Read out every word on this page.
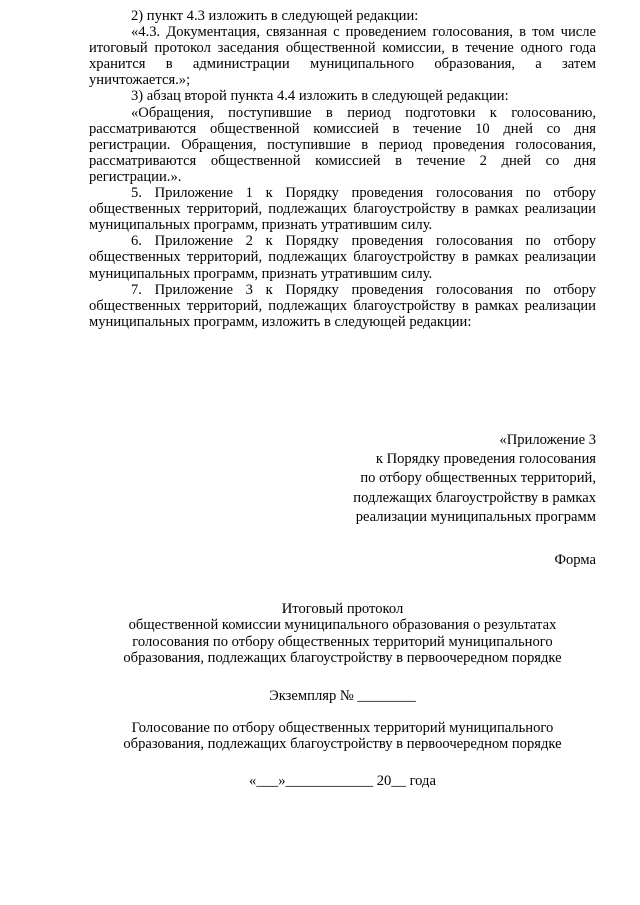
2) пункт 4.3 изложить в следующей редакции:

«4.3. Документация, связанная с проведением голосования, в том числе итоговый протокол заседания общественной комиссии, в течение одного года хранится в администрации муниципального образования, а затем уничтожается.»;

3) абзац второй пункта 4.4 изложить в следующей редакции:

«Обращения, поступившие в период подготовки к голосованию, рассматриваются общественной комиссией в течение 10 дней со дня регистрации. Обращения, поступившие в период проведения голосования, рассматриваются общественной комиссией в течение 2 дней со дня регистрации.».

5. Приложение 1 к Порядку проведения голосования по отбору общественных территорий, подлежащих благоустройству в рамках реализации муниципальных программ, признать утратившим силу.

6. Приложение 2 к Порядку проведения голосования по отбору общественных территорий, подлежащих благоустройству в рамках реализации муниципальных программ, признать утратившим силу.

7. Приложение 3 к Порядку проведения голосования по отбору общественных территорий, подлежащих благоустройству в рамках реализации муниципальных программ, изложить в следующей редакции:

«Приложение 3
к Порядку проведения голосования
по отбору общественных территорий,
подлежащих благоустройству в рамках
реализации муниципальных программ
Форма
Итоговый протокол
общественной комиссии муниципального образования о результатах
голосования по отбору общественных территорий муниципального
образования, подлежащих благоустройству в первоочередном порядке
Экземпляр № ________
Голосование по отбору общественных территорий муниципального
образования, подлежащих благоустройству в первоочередном порядке
«___»____________ 20__ года
